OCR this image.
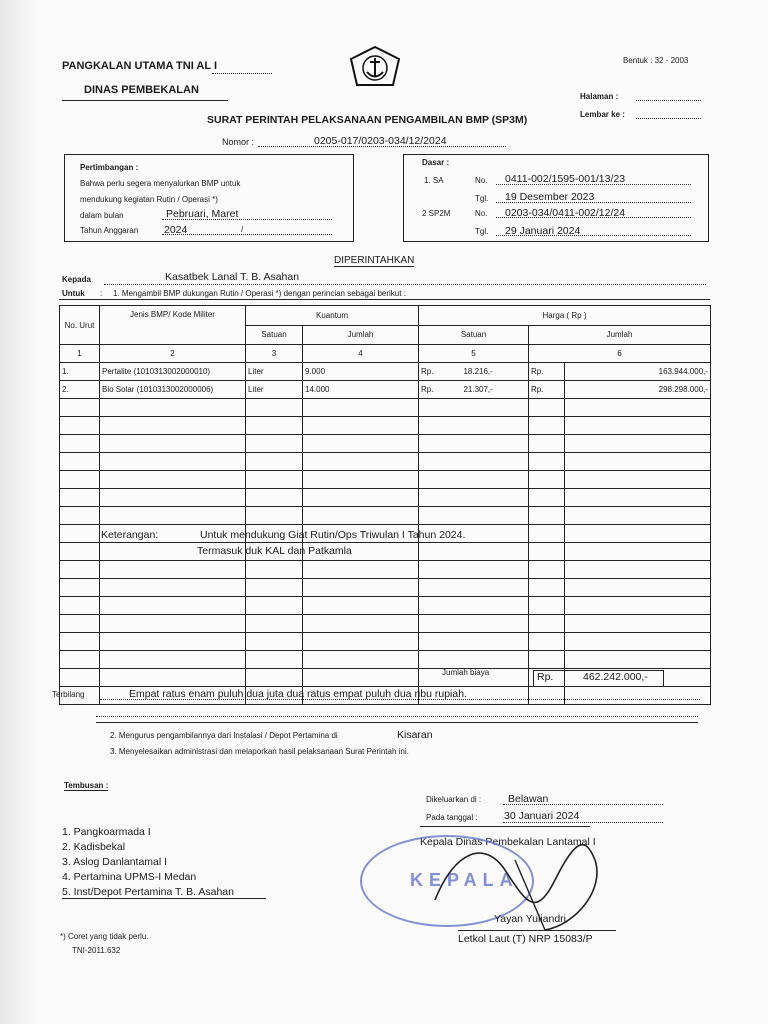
PANGKALAN UTAMA TNI AL I
DINAS PEMBEKALAN
Bentuk : 32 - 2003
Halaman :
Lembar ke :
SURAT PERINTAH PELAKSANAAN PENGAMBILAN BMP (SP3M)
Nomor :	0205-017/0203-034/12/2024
Pertimbangan :
Bahwa perlu segera menyalurkan BMP untuk
mendukung kegiatan Rutin / Operasi *)
dalam bulan	Pebruari, Maret
Tahun Anggaran 2024	/
Dasar :
1. SA	No. 0411-002/1595-001/13/23
Tgl. 19 Desember 2023
2 SP2M	No. 0203-034/0411-002/12/24
Tgl. 29 Januari 2024
DIPERINTAHKAN
Kepada	Kasatbek Lanal T. B. Asahan
Untuk : 1. Mengambil BMP dukungan Rutin / Operasi *) dengan perincian sebagai berikut :
No. Urut	Jenis BMP/ Kode Militer	Kuantum		Harga ( Rp )		
		Satuan	Jumlah	Satuan	Jumlah	
1	2	3	4	5	6	
1.	Pertalite (1010313002000010)	Liter	9.000	Rp. 18.216,-	Rp.	163.944.000,-
2.	Bio Solar (1010313002000006)	Liter	14.000	Rp. 21.307,-	Rp.	298.298.000,-

Keterangan:	Untuk mendukung Giat Rutin/Ops Triwulan I Tahun 2024.
Termasuk duk KAL dan Patkamla
Jumlah biaya	Rp.	462.242.000,-
Terbilang	Empat ratus enam puluh dua juta dua ratus empat puluh dua ribu rupiah.
2. Mengurus pengambilannya dari Instalasi / Depot Pertamina di	Kisaran
3. Menyelesaikan administrasi dan melaporkan hasil pelaksanaan Surat Perintah ini.
Tembusan :
1. Pangkoarmada I
2. Kadisbekal
3. Aslog Danlantamal I
4. Pertamina UPMS-I Medan
5. Inst/Depot Pertamina T. B. Asahan
Dikeluarkan di :	Belawan
Pada tanggal :	30 Januari 2024
Kepala Dinas Pembekalan Lantamal I
KEPALA
Yayan Yuliandri
Letkol Laut (T) NRP 15083/P
*) Coret yang tidak perlu.
TNI-2011.632
